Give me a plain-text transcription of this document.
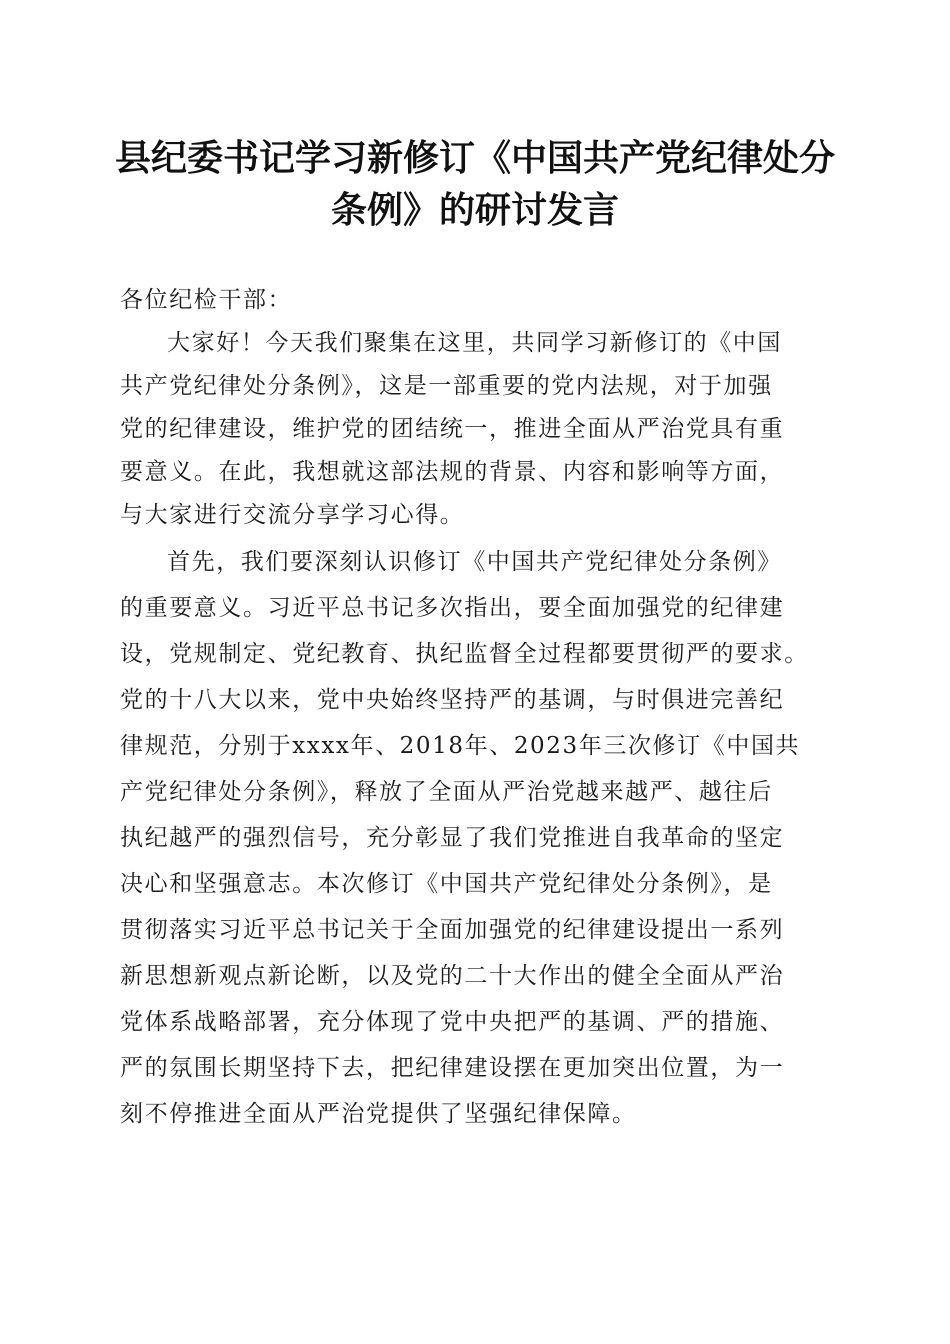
县纪委书记学习新修订《中国共产党纪律处分
条例》的研讨发言

各位纪检干部：

大家好！今天我们聚集在这里，共同学习新修订的《中国

共产党纪律处分条例》，这是一部重要的党内法规，对于加强

党的纪律建设，维护党的团结统一，推进全面从严治党具有重

要意义。在此，我想就这部法规的背景、内容和影响等方面，

与大家进行交流分享学习心得。

首先，我们要深刻认识修订《中国共产党纪律处分条例》

的重要意义。习近平总书记多次指出，要全面加强党的纪律建

设，党规制定、党纪教育、执纪监督全过程都要贯彻严的要求。

党的十八大以来，党中央始终坚持严的基调，与时俱进完善纪

律规范，分别于xxxx年、2018年、2023年三次修订《中国共

产党纪律处分条例》，释放了全面从严治党越来越严、越往后

执纪越严的强烈信号，充分彰显了我们党推进自我革命的坚定

决心和坚强意志。本次修订《中国共产党纪律处分条例》，是

贯彻落实习近平总书记关于全面加强党的纪律建设提出一系列

新思想新观点新论断，以及党的二十大作出的健全全面从严治

党体系战略部署，充分体现了党中央把严的基调、严的措施、

严的氛围长期坚持下去，把纪律建设摆在更加突出位置，为一

刻不停推进全面从严治党提供了坚强纪律保障。
